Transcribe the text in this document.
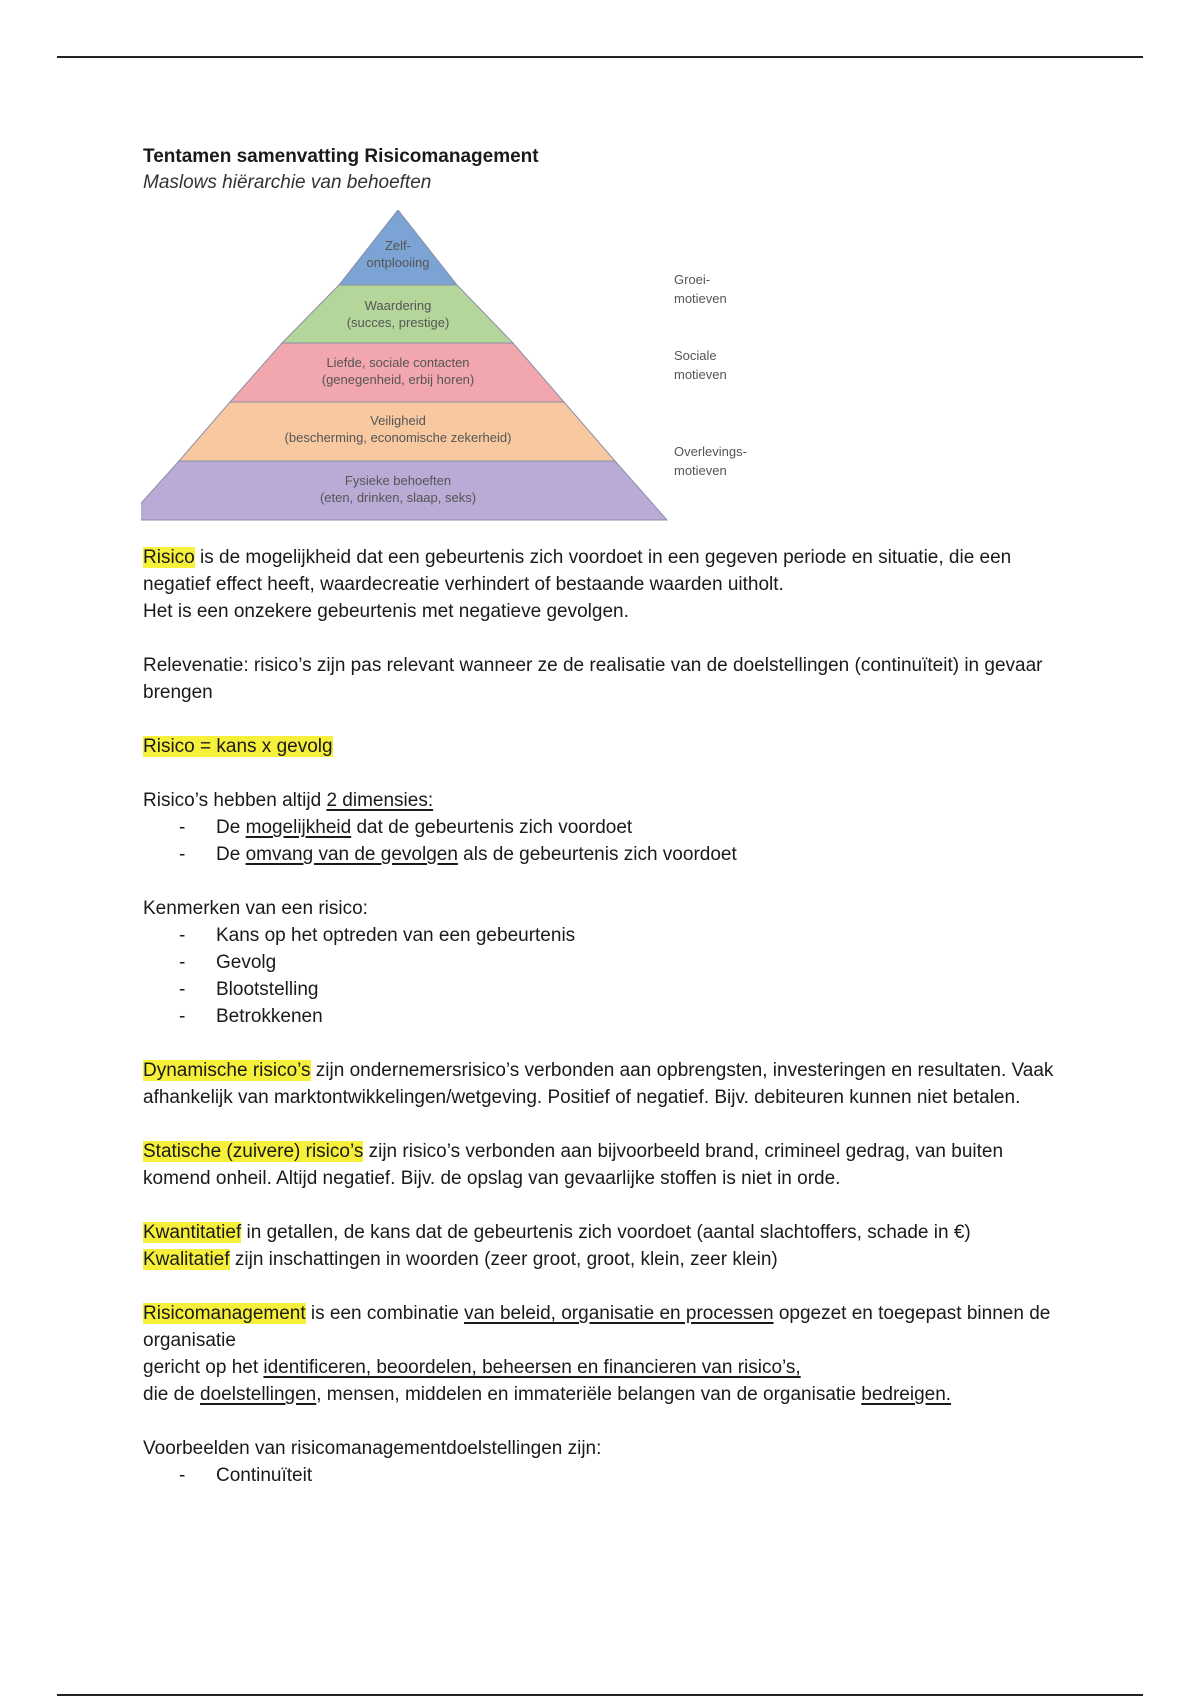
Tentamen samenvatting Risicomanagement

Maslows hiërarchie van behoeften

Zelf-
ontplooiing
Waardering
(succes, prestige)
Liefde, sociale contacten
(genegenheid, erbij horen)
Veiligheid
(bescherming, economische zekerheid)
Fysieke behoeften
(eten, drinken, slaap, seks)
Groei-
motieven
Sociale
motieven
Overlevings-
motieven

Risico is de mogelijkheid dat een gebeurtenis zich voordoet in een gegeven periode en situatie, die een negatief effect heeft, waardecreatie verhindert of bestaande waarden uitholt.

Het is een onzekere gebeurtenis met negatieve gevolgen.

Relevenatie: risico’s zijn pas relevant wanneer ze de realisatie van de doelstellingen (continuïteit) in gevaar brengen

Risico = kans x gevolg

Risico’s hebben altijd 2 dimensies:

- De mogelijkheid dat de gebeurtenis zich voordoet
- De omvang van de gevolgen als de gebeurtenis zich voordoet

Kenmerken van een risico:

- Kans op het optreden van een gebeurtenis
- Gevolg
- Blootstelling
- Betrokkenen

Dynamische risico’s zijn ondernemersrisico’s verbonden aan opbrengsten, investeringen en resultaten. Vaak afhankelijk van marktontwikkelingen/wetgeving. Positief of negatief. Bijv. debiteuren kunnen niet betalen.

Statische (zuivere) risico’s zijn risico’s verbonden aan bijvoorbeeld brand, crimineel gedrag, van buiten komend onheil. Altijd negatief. Bijv. de opslag van gevaarlijke stoffen is niet in orde.

Kwantitatief in getallen, de kans dat de gebeurtenis zich voordoet (aantal slachtoffers, schade in €)

Kwalitatief zijn inschattingen in woorden (zeer groot, groot, klein, zeer klein)

Risicomanagement is een combinatie van beleid, organisatie en processen opgezet en toegepast binnen de organisatie

gericht op het identificeren, beoordelen, beheersen en financieren van risico’s,

die de doelstellingen, mensen, middelen en immateriële belangen van de organisatie bedreigen.

Voorbeelden van risicomanagementdoelstellingen zijn:

- Continuïteit
